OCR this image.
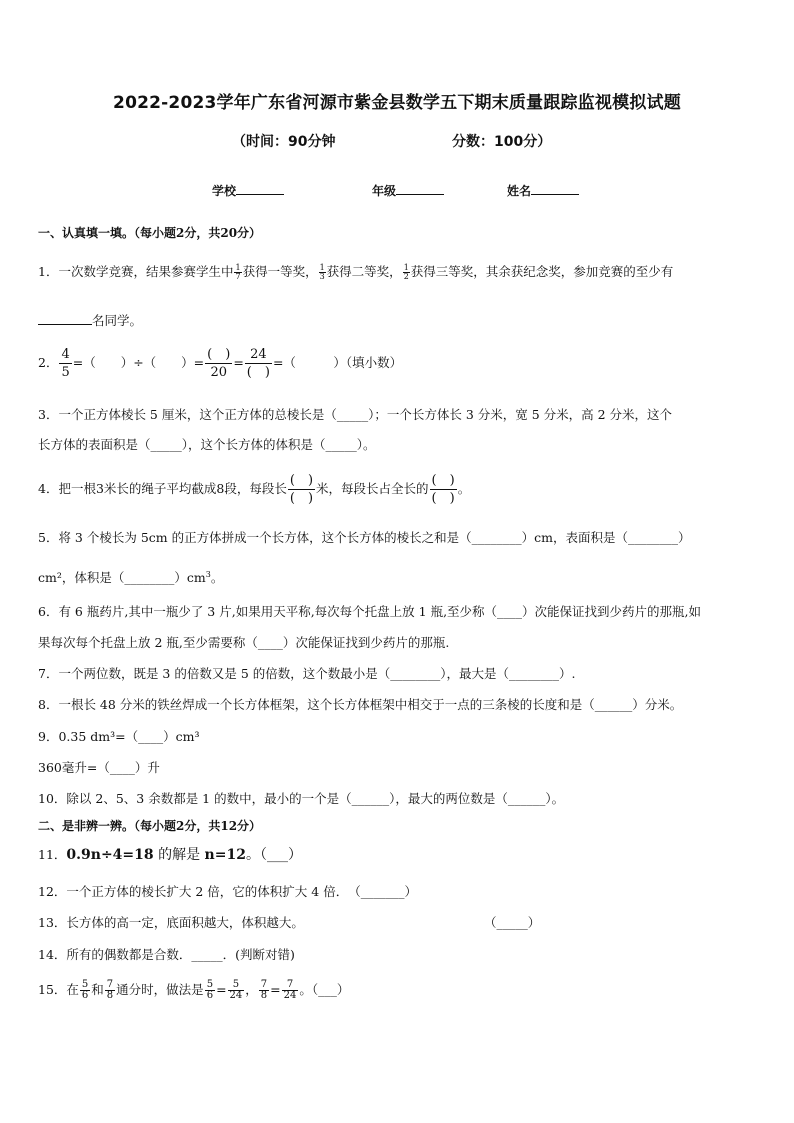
2022-2023学年广东省河源市紫金县数学五下期末质量跟踪监视模拟试题
（时间：90分钟	分数：100分）
学校	年级	姓名
一、认真填一填。（每小题2分，共20分）
1．一次数学竞赛，结果参赛学生中 $\frac{1}{7}$ 获得一等奖， $\frac{1}{3}$ 获得二等奖， $\frac{1}{2}$ 获得三等奖，其余获纪念奖，参加竞赛的至少有
名同学。
2． $\frac{4}{5}$ =（　　）÷（　　）= $\frac{( )}{20} = \frac{24}{( )}$ =（　　　）（填小数）
3．一个正方体棱长 5 厘米，这个正方体的总棱长是（_____）；一个长方体长 3 分米，宽 5 分米，高 2 分米，这个
长方体的表面积是（_____），这个长方体的体积是（_____）。
4．把一根3米长的绳子平均截成8段，每段长 $\frac{( )}{( )}$ 米，每段长占全长的 $\frac{( )}{( )}$ 。
5．将 3 个棱长为 5cm 的正方体拼成一个长方体，这个长方体的棱长之和是（________）cm，表面积是（________）
cm²，体积是$(\_\_\_\_\_\_\_\_)cm^3$。
6．有 6 瓶药片,其中一瓶少了 3 片,如果用天平称,每次每个托盘上放 1 瓶,至少称（____）次能保证找到少药片的那瓶,如
果每次每个托盘上放 2 瓶,至少需要称（____）次能保证找到少药片的那瓶.
7．一个两位数，既是 3 的倍数又是 5 的倍数，这个数最小是（________），最大是（________）.
8．一根长 48 分米的铁丝焊成一个长方体框架，这个长方体框架中相交于一点的三条棱的长度和是（______）分米。
9．0.35 dm³=（____）cm³
360毫升=（____）升
10．除以 2、5、3 余数都是 1 的数中，最小的一个是（______），最大的两位数是（______）。
二、是非辨一辨。（每小题2分，共12分）
11．0.9n÷4=18 的解是 n=12。（___）
12．一个正方体的棱长扩大 2 倍，它的体积扩大 4 倍．　（_______）
13．长方体的高一定，底面积越大，体积越大。	（_____）
14．所有的偶数都是合数．_____．(判断对错)
15．在 $\frac{5}{6}$ 和 $\frac{7}{8}$ 通分时，做法是 $\frac{5}{6} = \frac{5}{24}$ ， $\frac{7}{8} = \frac{7}{24}$ 。（___）
